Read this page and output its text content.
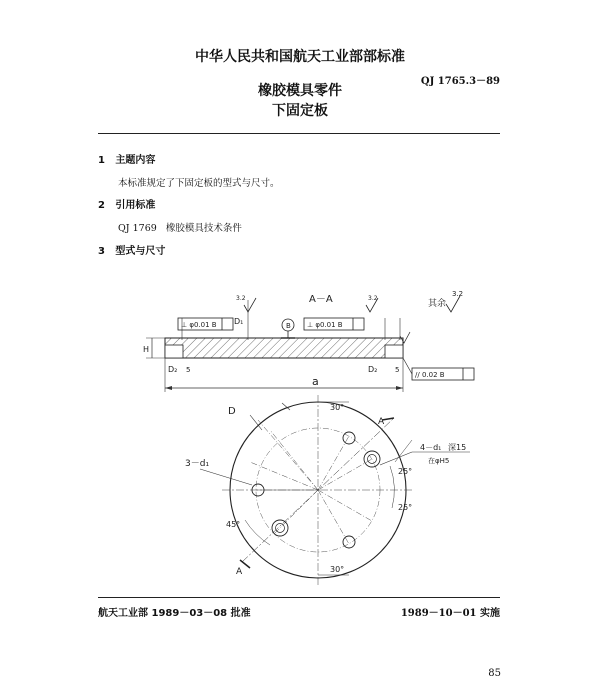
中华人民共和国航天工业部部标准
QJ 1765.3－89
橡胶模具零件
下固定板
1 主题内容
本标准规定了下固定板的型式与尺寸。
2 引用标准
QJ 1769 橡胶模具技术条件
3 型式与尺寸
A－A	其余
3.2
⊥ φ0.01 B	B ⊥ φ0.01 B
// 0.02 B
3.2	3.2
D₁
D₂	D₂
H
5	5
a
D
3－d₁
4－d₁ 深15
在φH5
30°
30°
25°
25°
45°
A
A
航天工业部 1989－03－08 批准	1989－10－01 实施
85
